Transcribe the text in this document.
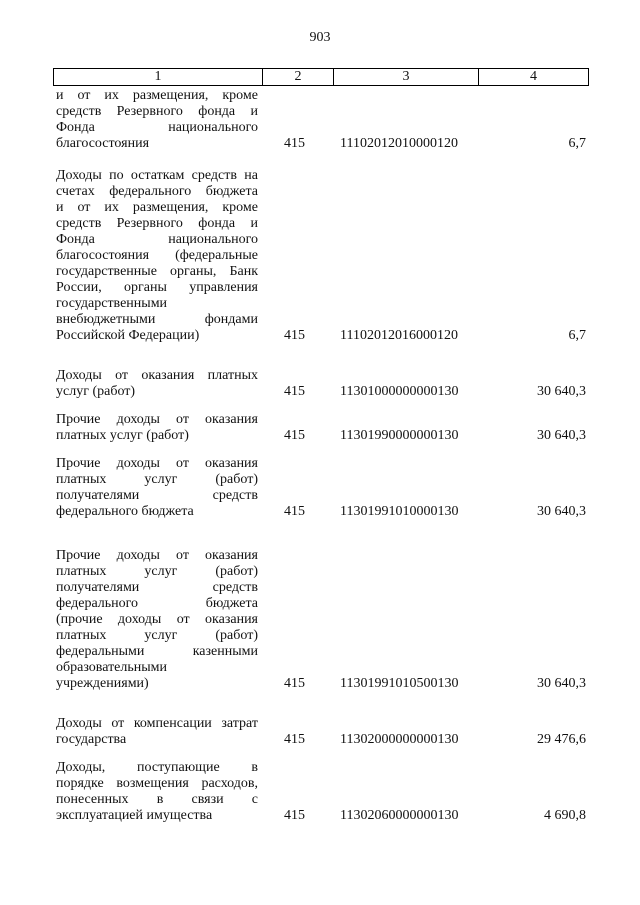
903
1	2	3	4
и от их размещения, кроме
средств Резервного фонда и
Фонда национального
благосостояния	415	11102012010000120	6,7
Доходы по остаткам средств на
счетах федерального бюджета
и от их размещения, кроме
средств Резервного фонда и
Фонда национального
благосостояния (федеральные
государственные органы, Банк
России, органы управления
государственными
внебюджетными фондами
Российской Федерации)	415	11102012016000120	6,7
Доходы от оказания платных
услуг (работ)	415	11301000000000130	30 640,3
Прочие доходы от оказания
платных услуг (работ)	415	11301990000000130	30 640,3
Прочие доходы от оказания
платных услуг (работ)
получателями средств
федерального бюджета	415	11301991010000130	30 640,3
Прочие доходы от оказания
платных услуг (работ)
получателями средств
федерального бюджета
(прочие доходы от оказания
платных услуг (работ)
федеральными казенными
образовательными
учреждениями)	415	11301991010500130	30 640,3
Доходы от компенсации затрат
государства	415	11302000000000130	29 476,6
Доходы, поступающие в
порядке возмещения расходов,
понесенных в связи с
эксплуатацией имущества	415	11302060000000130	4 690,8
